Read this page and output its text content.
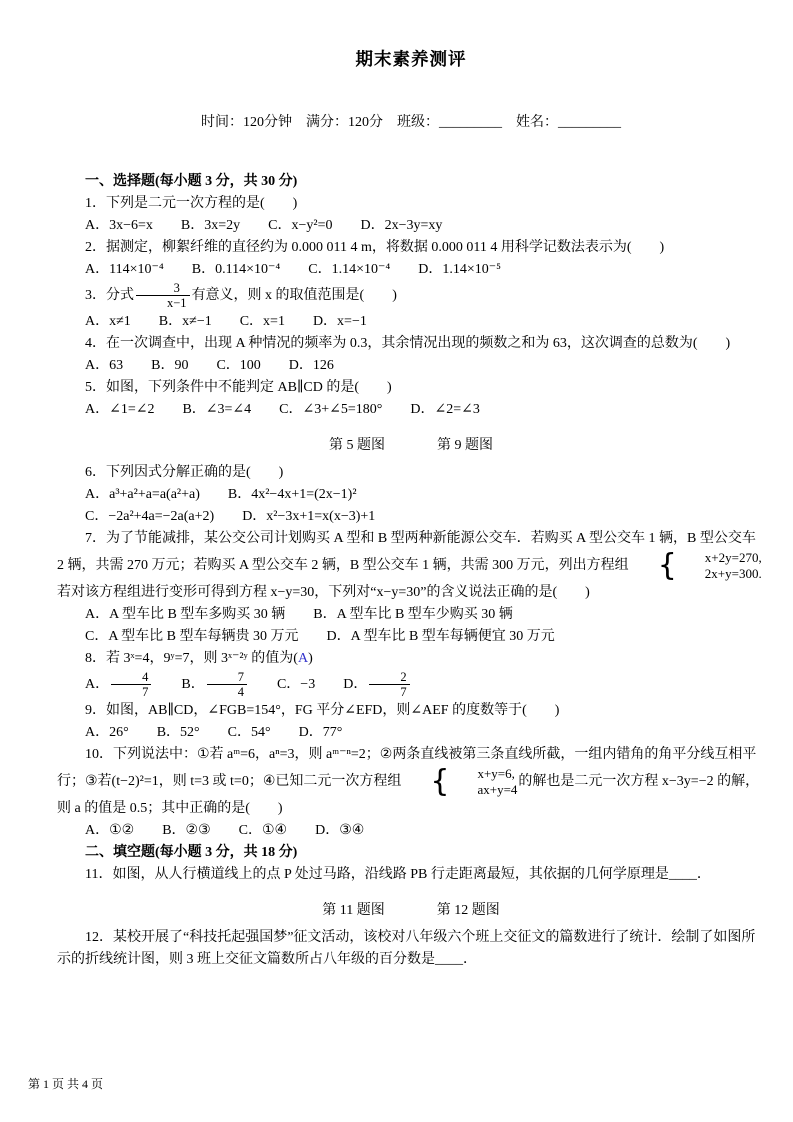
期末素养测评
时间：120分钟　满分：120分　班级：_________　姓名：_________

一、选择题(每小题 3 分，共 30 分)

1．下列是二元一次方程的是(　　)

A．3x−6=x　　B．3x=2y　　C．x−y²=0　　D．2x−3y=xy

2．据测定，柳絮纤维的直径约为 0.000 011 4 m，将数据 0.000 011 4 用科学记数法表示为(　　)

A．114×10⁻⁴　　B．0.114×10⁻⁴　　C．1.14×10⁻⁴　　D．1.14×10⁻⁵

3．分式 $\frac{3}{x-1}$ 有意义，则 x 的取值范围是(　　)

A．x≠1　　B．x≠−1　　C．x=1　　D．x=−1

4．在一次调查中，出现 A 种情况的频率为 0.3，其余情况出现的频数之和为 63，这次调查的总数为(　　)

A．63　　B．90　　C．100　　D．126

5．如图，下列条件中不能判定 AB∥CD 的是(　　)

A．∠1=∠2　　B．∠3=∠4　　C．∠3+∠5=180°　　D．∠2=∠3

第 5 题图	第 9 题图

6．下列因式分解正确的是(　　)

A．a³+a²+a=a(a²+a)　　B．4x²−4x+1=(2x−1)²

C．−2a²+4a=−2a(a+2)　　D．x²−3x+1=x(x−3)+1

7．为了节能减排，某公交公司计划购买 A 型和 B 型两种新能源公交车．若购买 A 型公交车 1 辆，B 型公交车 2 辆，共需 270 万元；若购买 A 型公交车 2 辆，B 型公交车 1 辆，共需 300 万元，列出方程组 {	x+2y=270,
2x+y=300.
若对该方程组进行变形可得到方程 x−y=30，下列对“x−y=30”的含义说法正确的是(　　)

A．A 型车比 B 型车多购买 30 辆　　B．A 型车比 B 型车少购买 30 辆

C．A 型车比 B 型车每辆贵 30 万元　　D．A 型车比 B 型车每辆便宜 30 万元

8．若 3ˣ=4，9ʸ=7，则 3ˣ⁻²ʸ 的值为(A)

A． $\frac{4}{7}$ 　　B． $\frac{7}{4}$ 　　C．−3　　D． $\frac{2}{7}$

9．如图，AB∥CD，∠FGB=154°，FG 平分∠EFD，则∠AEF 的度数等于(　　)

A．26°　　B．52°　　C．54°　　D．77°

10．下列说法中：①若 aᵐ=6，aⁿ=3，则 aᵐ⁻ⁿ=2；②两条直线被第三条直线所截，一组内错角的角平分线互相平行；③若(t−2)²=1，则 t=3 或 t=0；④已知二元一次方程组 {	x+y=6,
ax+y=4
的解也是二元一次方程 x−3y=−2 的解，则 a 的值是 0.5；其中正确的是(　　)

A．①②　　B．②③　　C．①④　　D．③④

二、填空题(每小题 3 分，共 18 分)

11．如图，从人行横道线上的点 P 处过马路，沿线路 PB 行走距离最短，其依据的几何学原理是____．

第 11 题图	第 12 题图

12．某校开展了“科技托起强国梦”征文活动，该校对八年级六个班上交征文的篇数进行了统计．绘制了如图所示的折线统计图，则 3 班上交征文篇数所占八年级的百分数是____．

第 1 页 共 4 页
